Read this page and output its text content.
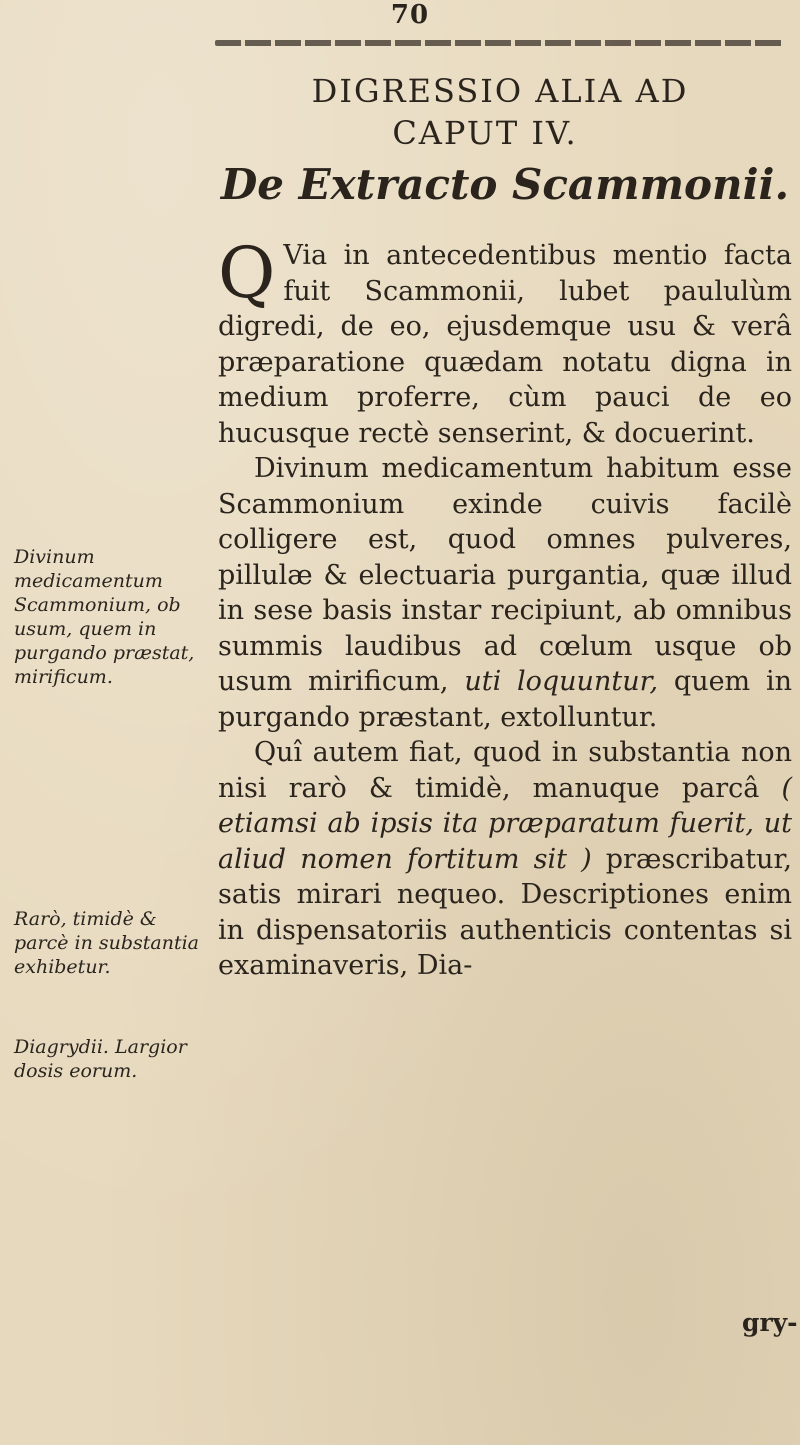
70
DIGRESSIO ALIA AD
CAPUT IV.
De Extracto Scammonii.

Q Via in antecedentibus mentio facta fuit Scammonii, lubet paululùm digredi, de eo, ejusdemque usu & verâ præparatione quædam notatu digna in medium proferre, cùm pauci de eo hucusque rectè senserint, & docuerint.

Divinum medicamentum habitum esse Scammonium exinde cuivis facilè colligere est, quod omnes pulveres, pillulæ & electuaria purgantia, quæ illud in sese basis instar recipiunt, ab omnibus summis laudibus ad cœlum usque ob usum mirificum, uti loquuntur, quem in purgando præstant, extolluntur.

Quî autem fiat, quod in substantia non nisi rarò & timidè, manuque parcâ ( etiamsi ab ipsis ita præparatum fuerit, ut aliud nomen fortitum sit ) præscribatur, satis mirari nequeo. Descriptiones enim in dispensatoriis authenticis contentas si examinaveris, Dia-

Divinum medicamentum Scammonium, ob usum, quem in purgando præstat, mirificum.
Rarò, timidè & parcè in substantia exhibetur.
Diagrydii. Largior dosis eorum.
gry-
